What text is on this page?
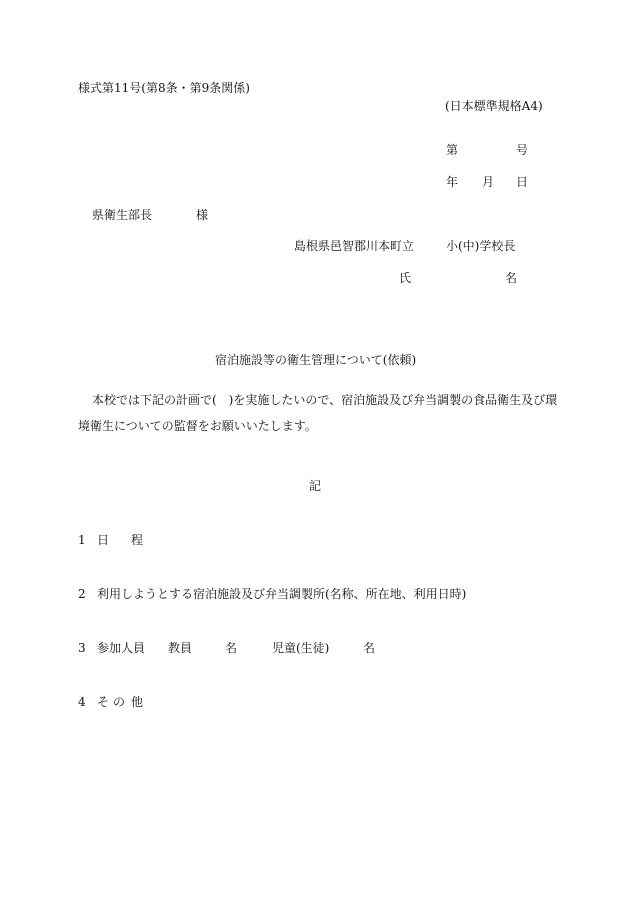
様式第11号(第8条・第9条関係)
(日本標準規格A4)
第	号
年 月 日
県衛生部長	様
島根県邑智郡川本町立	小(中)学校長
氏	名
宿泊施設等の衛生管理について(依頼)
本校では下記の計画で(　)を実施したいので、宿泊施設及び弁当調製の食品衛生及び環
境衛生についての監督をお願いいたします。
記
1 日 程
2 利用しようとする宿泊施設及び弁当調製所(名称、所在地、利用日時)
3 参加人員 教員	名	児童(生徒)	名
4 そ の 他
